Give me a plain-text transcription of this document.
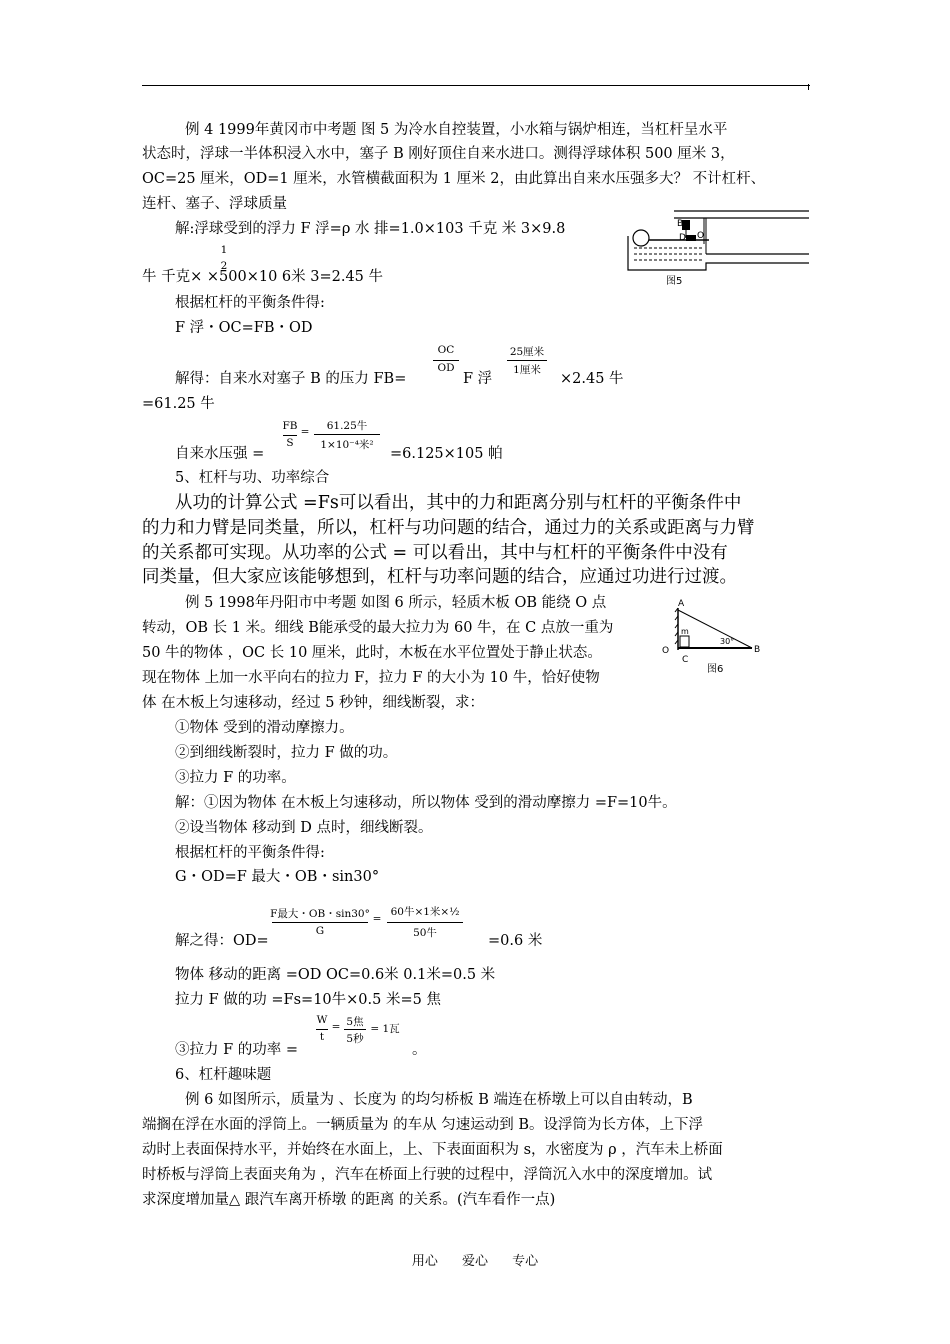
例 4 1999年黄冈市中考题 图 5 为冷水自控装置，小水箱与锅炉相连，当杠杆呈水平
状态时，浮球一半体积浸入水中，塞子 B 刚好顶住自来水进口。测得浮球体积 500 厘米 3，
OC=25 厘米，OD=1 厘米，水管横截面积为 1 厘米 2，由此算出自来水压强多大？ 不计杠杆、
连杆、塞子、浮球质量
解:浮球受到的浮力 F 浮=ρ 水 排=1.0×103 千克 米 3×9.8
1
2
牛 千克× ×500×10 6米 3=2.45 牛
根据杠杆的平衡条件得:
F 浮・OC=FB・OD
解得：自来水对塞子 B 的压力 FB=
OC
OD
F 浮
25厘米
1厘米
×2.45 牛
=61.25 牛
自来水压强 =
FB
S
=	61.25牛
1×10⁻⁴米²
=6.125×105 帕
B
D O
图5
5、杠杆与功、功率综合
从功的计算公式 =Fs可以看出，其中的力和距离分别与杠杆的平衡条件中
的力和力臂是同类量，所以，杠杆与功问题的结合，通过力的关系或距离与力臂
的关系都可实现。从功率的公式 = 可以看出，其中与杠杆的平衡条件中没有
同类量，但大家应该能够想到，杠杆与功率问题的结合，应通过功进行过渡。
例 5 1998年丹阳市中考题 如图 6 所示，轻质木板 OB 能绕 O 点
转动，OB 长 1 米。细线 B能承受的最大拉力为 60 牛，在 C 点放一重为
50 牛的物体 ，OC 长 10 厘米，此时，木板在水平位置处于静止状态。
现在物体 上加一水平向右的拉力 F，拉力 F 的大小为 10 牛，恰好使物
体 在木板上匀速移动，经过 5 秒钟，细线断裂，求：
①物体 受到的滑动摩擦力。
②到细线断裂时，拉力 F 做的功。
③拉力 F 的功率。
解：①因为物体 在木板上匀速移动，所以物体 受到的滑动摩擦力 =F=10牛。
②设当物体 移动到 D 点时，细线断裂。
根据杠杆的平衡条件得:
G・OD=F 最大・OB・sin30°
解之得：OD=
F最大・OB・sin30°
G
=
60牛×1米×½
50牛	=0.6 米
物体 移动的距离 =OD OC=0.6米 0.1米=0.5 米
拉力 F 做的功 =Fs=10牛×0.5 米=5 焦
③拉力 F 的功率 =
W
t
= 5焦
5秒
= 1瓦
。
A
m
30°
B
O
C
图6
6、杠杆趣味题
例 6 如图所示，质量为 、长度为 的均匀桥板 B 端连在桥墩上可以自由转动，B
端搁在浮在水面的浮筒上。一辆质量为 的车从 匀速运动到 B。设浮筒为长方体，上下浮
动时上表面保持水平，并始终在水面上，上、下表面面积为 s，水密度为 ρ ，汽车未上桥面
时桥板与浮筒上表面夹角为 ，汽车在桥面上行驶的过程中，浮筒沉入水中的深度增加。试
求深度增加量△ 跟汽车离开桥墩 的距离 的关系。(汽车看作一点)
用心 爱心 专心
